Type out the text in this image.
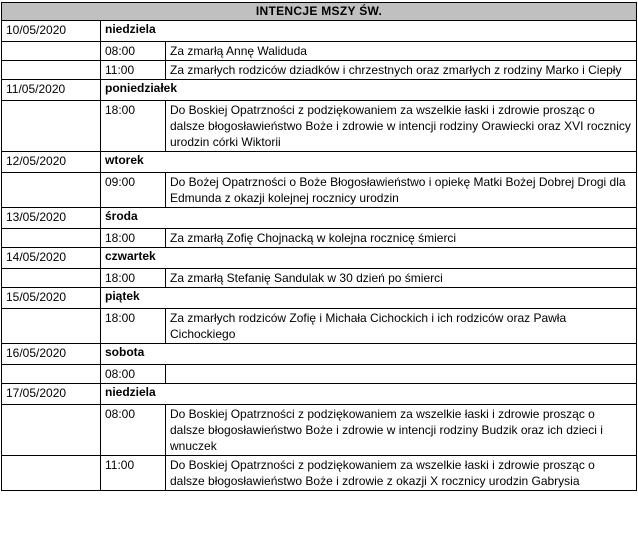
INTENCJE MSZY ŚW.		
10/05/2020	niedziela	
	08:00	Za zmarłą Annę Waliduda
	11:00	Za zmarłych rodziców dziadków i chrzestnych oraz zmarłych z rodziny Marko i Ciepły
11/05/2020	poniedziałek	
	18:00	Do Boskiej Opatrzności z podziękowaniem za wszelkie łaski i zdrowie prosząc o dalsze błogosławieństwo Boże i zdrowie w intencji rodziny Orawiecki oraz XVI rocznicy urodzin córki Wiktorii
12/05/2020	wtorek	
	09:00	Do Bożej Opatrzności o Boże Błogosławieństwo i opiekę Matki Bożej Dobrej Drogi dla Edmunda z okazji kolejnej rocznicy urodzin
13/05/2020	środa	
	18:00	Za zmarłą Zofię Chojnacką w kolejna rocznicę śmierci
14/05/2020	czwartek	
	18:00	Za zmarłą Stefanię Sandulak w 30 dzień po śmierci
15/05/2020	piątek	
	18:00	Za zmarłych rodziców Zofię i Michała Cichockich i ich rodziców oraz Pawła Cichockiego
16/05/2020	sobota	
	08:00	
17/05/2020	niedziela	
	08:00	Do Boskiej Opatrzności z podziękowaniem za wszelkie łaski i zdrowie prosząc o dalsze błogosławieństwo Boże i zdrowie w intencji rodziny Budzik oraz ich dzieci i wnuczek
	11:00	Do Boskiej Opatrzności z podziękowaniem za wszelkie łaski i zdrowie prosząc o dalsze błogosławieństwo Boże i zdrowie z okazji X rocznicy urodzin Gabrysia
